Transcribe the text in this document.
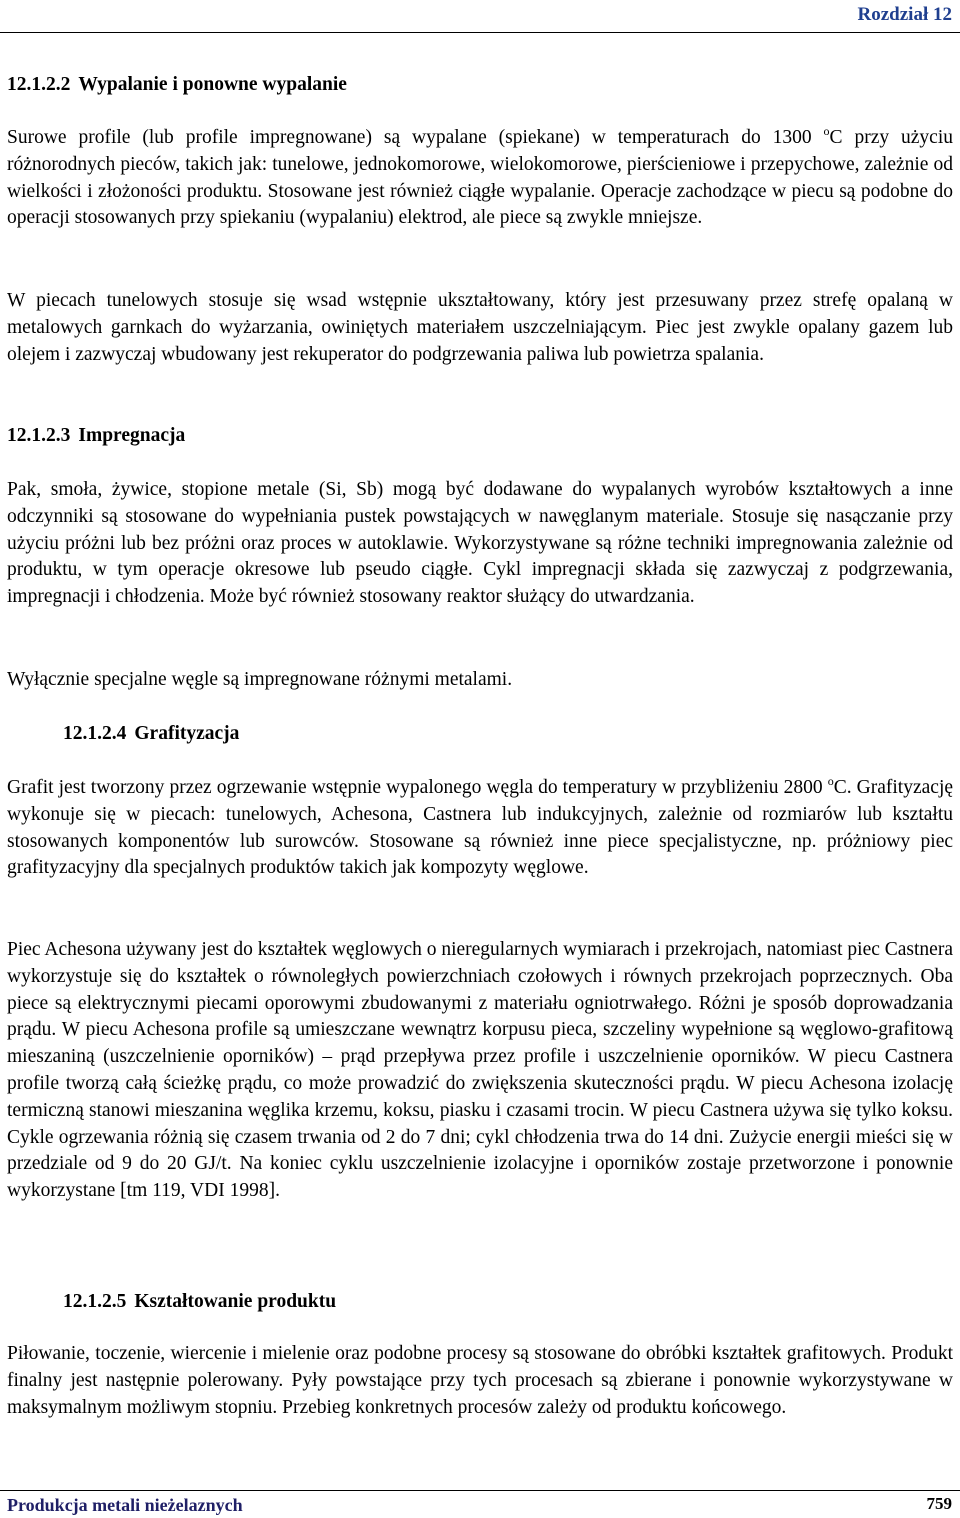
Rozdział 12
12.1.2.2 Wypalanie i ponowne wypalanie

Surowe profile (lub profile impregnowane) są wypalane (spiekane) w temperaturach do 1300 $^o$C przy użyciu różnorodnych pieców, takich jak: tunelowe, jednokomorowe, wielokomorowe, pierścieniowe i przepychowe, zależnie od wielkości i złożoności produktu. Stosowane jest również ciągłe wypalanie. Operacje zachodzące w piecu są podobne do operacji stosowanych przy spiekaniu (wypalaniu) elektrod, ale piece są zwykle mniejsze.

W piecach tunelowych stosuje się wsad wstępnie ukształtowany, który jest przesuwany przez strefę opalaną w metalowych garnkach do wyżarzania, owiniętych materiałem uszczelniającym. Piec jest zwykle opalany gazem lub olejem i zazwyczaj wbudowany jest rekuperator do podgrzewania paliwa lub powietrza spalania.

12.1.2.3 Impregnacja

Pak, smoła, żywice, stopione metale (Si, Sb) mogą być dodawane do wypalanych wyrobów kształtowych a inne odczynniki są stosowane do wypełniania pustek powstających w nawęglanym materiale. Stosuje się nasączanie przy użyciu próżni lub bez próżni oraz proces w autoklawie. Wykorzystywane są różne techniki impregnowania zależnie od produktu, w tym operacje okresowe lub pseudo ciągłe. Cykl impregnacji składa się zazwyczaj z podgrzewania, impregnacji i chłodzenia. Może być również stosowany reaktor służący do utwardzania.

Wyłącznie specjalne węgle są impregnowane różnymi metalami.

12.1.2.4 Grafityzacja

Grafit jest tworzony przez ogrzewanie wstępnie wypalonego węgla do temperatury w przybliżeniu 2800 $^o$C. Grafityzację wykonuje się w piecach: tunelowych, Achesona, Castnera lub indukcyjnych, zależnie od rozmiarów lub kształtu stosowanych komponentów lub surowców. Stosowane są również inne piece specjalistyczne, np. próżniowy piec grafityzacyjny dla specjalnych produktów takich jak kompozyty węglowe.

Piec Achesona używany jest do kształtek węglowych o nieregularnych wymiarach i przekrojach, natomiast piec Castnera wykorzystuje się do kształtek o równoległych powierzchniach czołowych i równych przekrojach poprzecznych. Oba piece są elektrycznymi piecami oporowymi zbudowanymi z materiału ogniotrwałego. Różni je sposób doprowadzania prądu. W piecu Achesona profile są umieszczane wewnątrz korpusu pieca, szczeliny wypełnione są węglowo-grafitową mieszaniną (uszczelnienie oporników) – prąd przepływa przez profile i uszczelnienie oporników. W piecu Castnera profile tworzą całą ścieżkę prądu, co może prowadzić do zwiększenia skuteczności prądu. W piecu Achesona izolację termiczną stanowi mieszanina węglika krzemu, koksu, piasku i czasami trocin. W piecu Castnera używa się tylko koksu. Cykle ogrzewania różnią się czasem trwania od 2 do 7 dni; cykl chłodzenia trwa do 14 dni. Zużycie energii mieści się w przedziale od 9 do 20 GJ/t. Na koniec cyklu uszczelnienie izolacyjne i oporników zostaje przetworzone i ponownie wykorzystane [tm 119, VDI 1998].

12.1.2.5 Kształtowanie produktu

Piłowanie, toczenie, wiercenie i mielenie oraz podobne procesy są stosowane do obróbki kształtek grafitowych. Produkt finalny jest następnie polerowany. Pyły powstające przy tych procesach są zbierane i ponownie wykorzystywane w maksymalnym możliwym stopniu. Przebieg konkretnych procesów zależy od produktu końcowego.

Produkcja metali nieżelaznych	759
